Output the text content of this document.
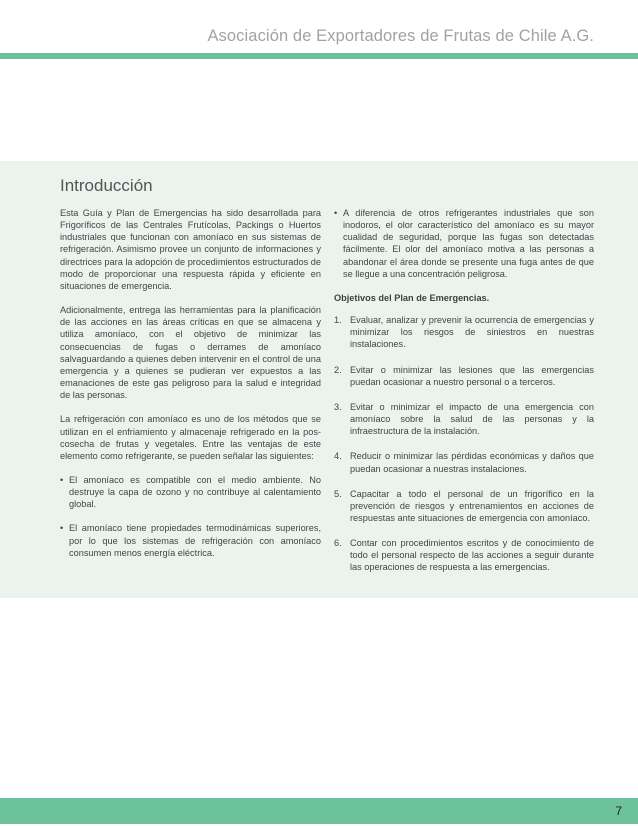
Asociación de Exportadores de Frutas de Chile A.G.
Introducción

Esta Guía y Plan de Emergencias ha sido desarrollada para Frigoríficos de las Centrales Frutícolas, Packings o Huertos industriales que funcionan con amoníaco en sus sistemas de refrigeración. Asimismo provee un conjunto de informaciones y directrices para la adopción de procedimientos estructurados de modo de proporcionar una respuesta rápida y eficiente en situaciones de emergencia.

Adicionalmente, entrega las herramientas para la planificación de las acciones en las áreas críticas en que se almacena y utiliza amoníaco, con el objetivo de minimizar las consecuencias de fugas o derrames de amoníaco salvaguardando a quienes deben intervenir en el control de una emergencia y a quienes se pudieran ver expuestos a las emanaciones de este gas peligroso para la salud e integridad de las personas.

La refrigeración con amoníaco es uno de los métodos que se utilizan en el enfriamiento y almacenaje refrigerado en la pos-cosecha de frutas y vegetales. Entre las ventajas de este elemento como refrigerante, se pueden señalar las siguientes:

• El amoníaco es compatible con el medio ambiente. No destruye la capa de ozono y no contribuye al calentamiento global.
• El amoníaco tiene propiedades termodinámicas superiores, por lo que los sistemas de refrigeración con amoníaco consumen menos energía eléctrica.
• A diferencia de otros refrigerantes industriales que son inodoros, el olor característico del amoníaco es su mayor cualidad de seguridad, porque las fugas son detectadas fácilmente. El olor del amoníaco motiva a las personas a abandonar el área donde se presente una fuga antes de que se llegue a una concentración peligrosa.
Objetivos del Plan de Emergencias.
1. Evaluar, analizar y prevenir la ocurrencia de emergencias y minimizar los riesgos de siniestros en nuestras instalaciones.
2. Evitar o minimizar las lesiones que las emergencias puedan ocasionar a nuestro personal o a terceros.
3. Evitar o minimizar el impacto de una emergencia con amoníaco sobre la salud de las personas y la infraestructura de la instalación.
4. Reducir o minimizar las pérdidas económicas y daños que puedan ocasionar a nuestras instalaciones.
5. Capacitar a todo el personal de un frigorífico en la prevención de riesgos y entrenamientos en acciones de respuestas ante situaciones de emergencia con amoníaco.
6. Contar con procedimientos escritos y de conocimiento de todo el personal respecto de las acciones a seguir durante las operaciones de respuesta a las emergencias.
7
